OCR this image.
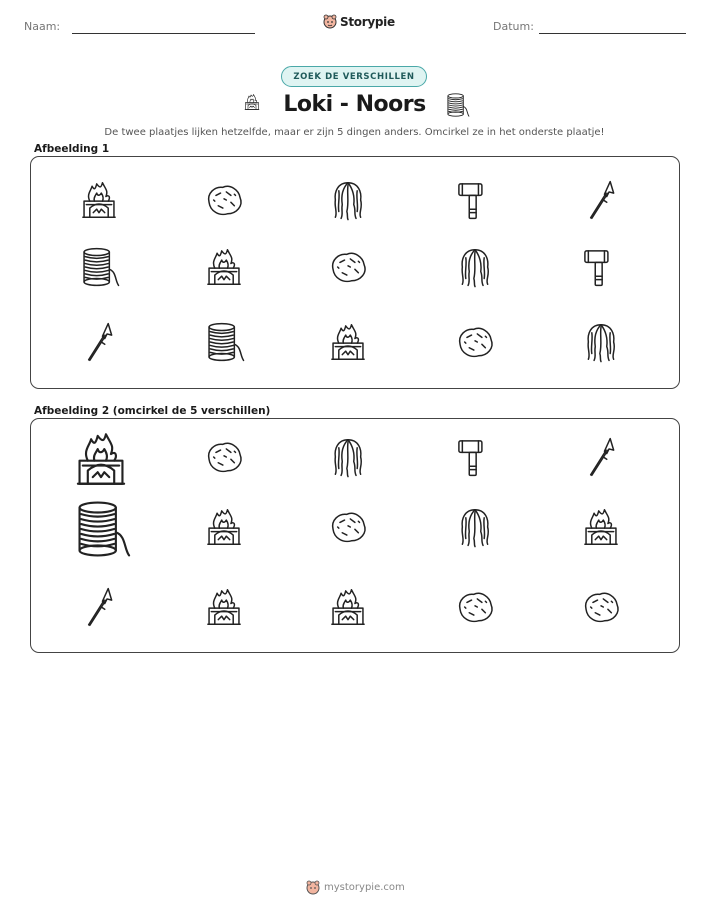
Naam:	Storypie	Datum:
ZOEK DE VERSCHILLEN
Loki - Noors
De twee plaatjes lijken hetzelfde, maar er zijn 5 dingen anders. Omcirkel ze in het onderste plaatje!
Afbeelding 1
Afbeelding 2 (omcirkel de 5 verschillen)
mystorypie.com
